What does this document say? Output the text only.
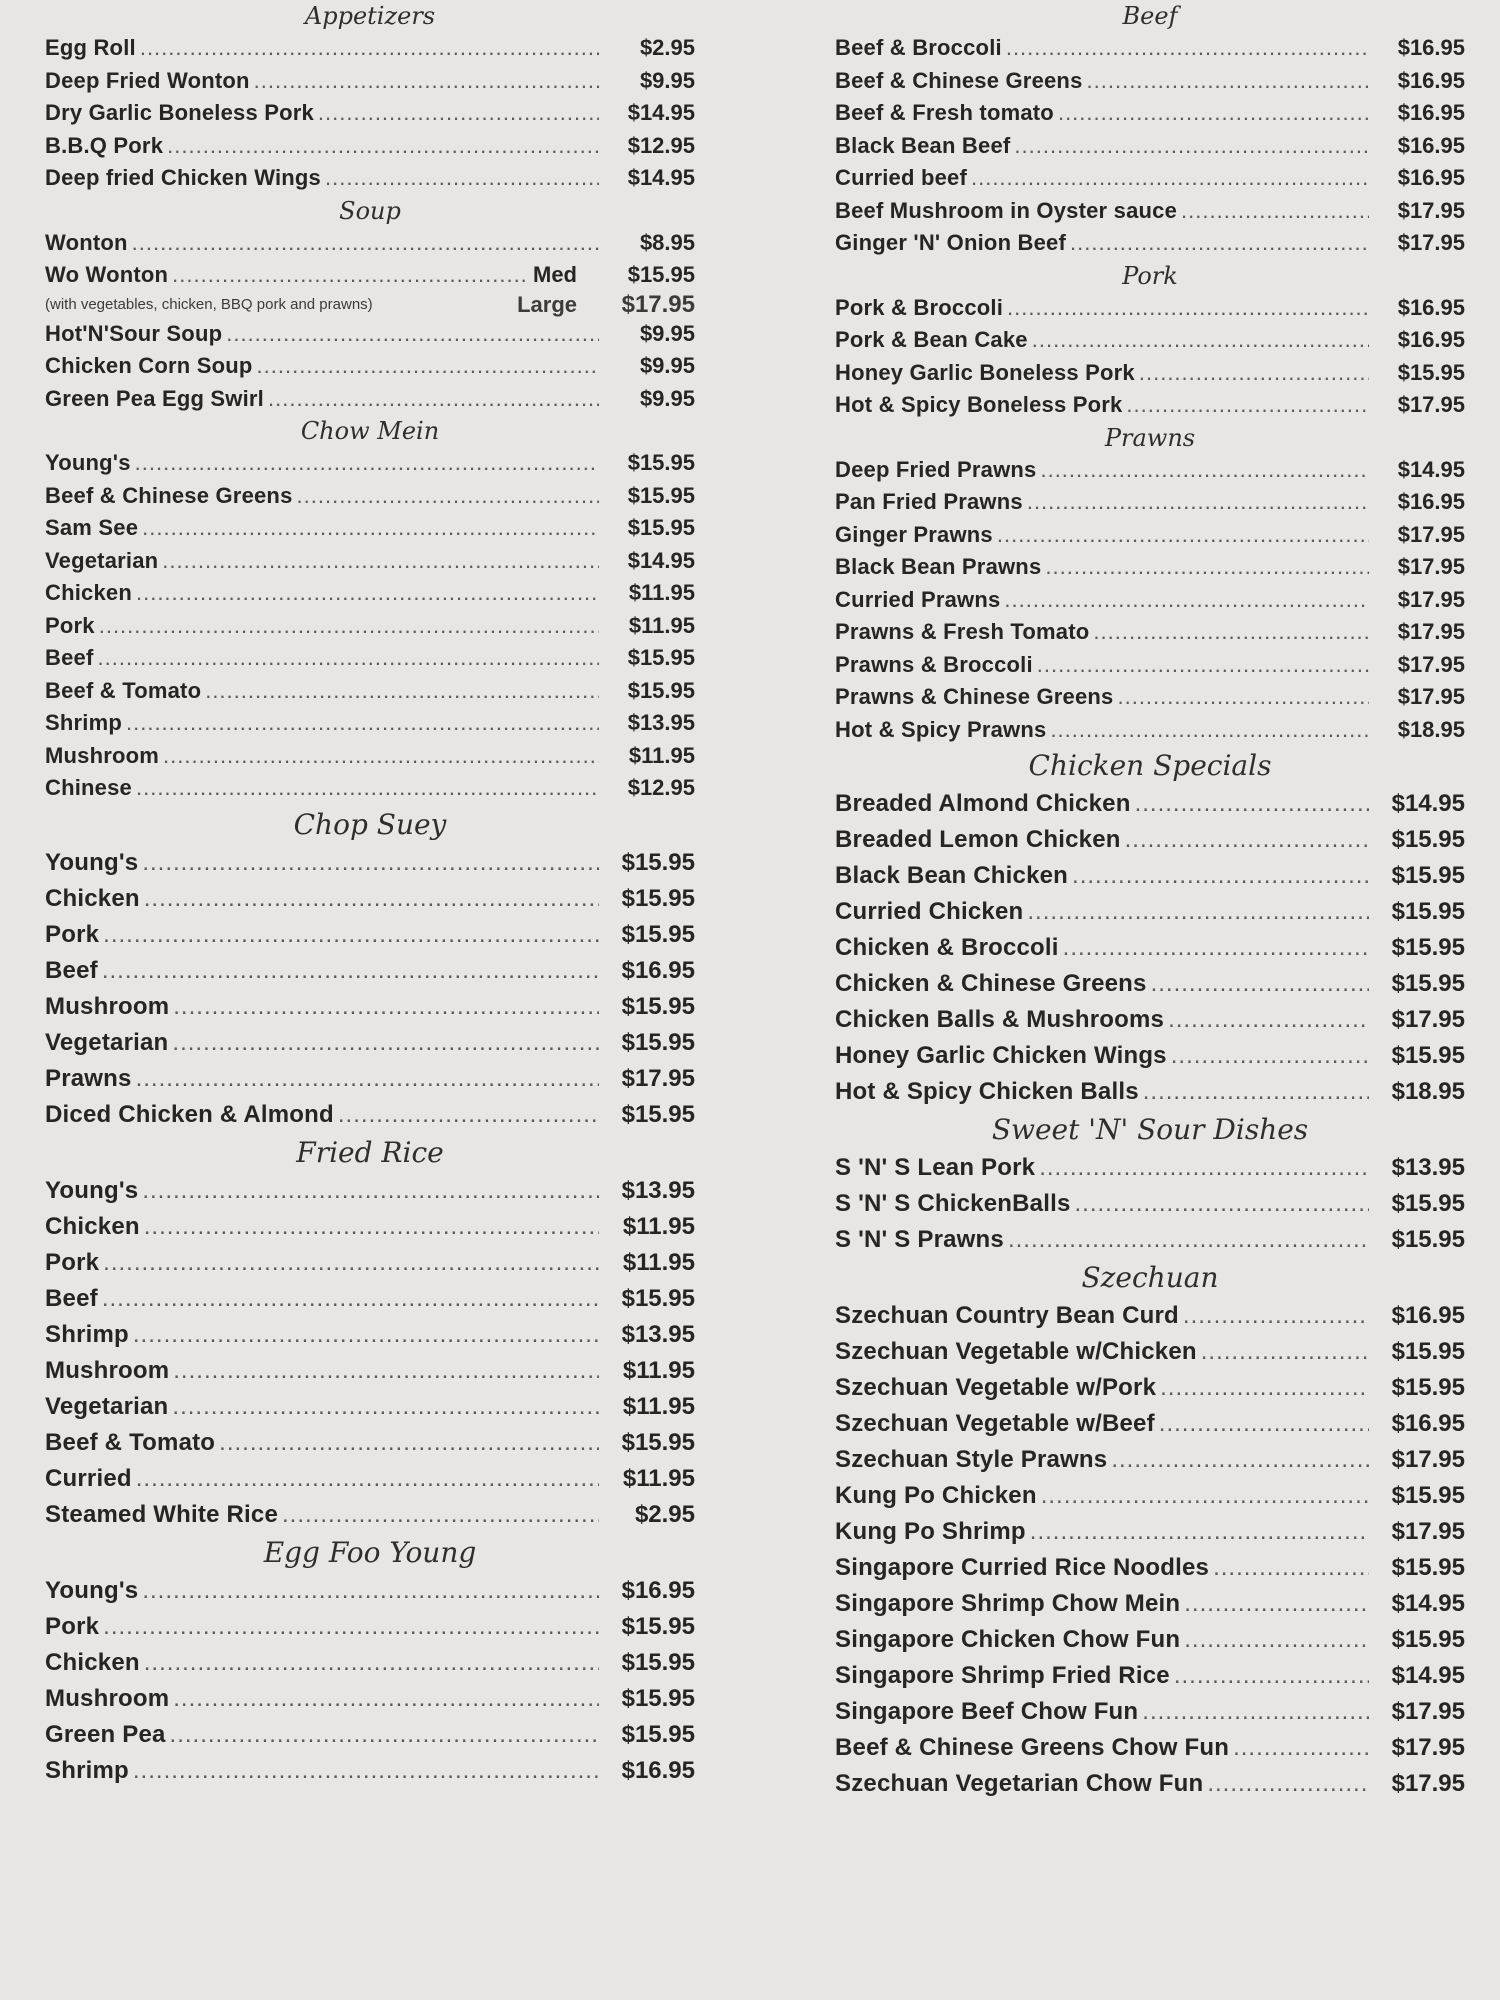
Appetizers
Egg Roll .....	$2.95
Deep Fried Wonton .....	$9.95
Dry Garlic Boneless Pork .....	$14.95
B.B.Q Pork .....	$12.95
Deep fried Chicken Wings .....	$14.95
Soup
Wonton .....	$8.95
Wo Wonton .....	Med	$15.95
(with vegetables, chicken, BBQ pork and prawns)	Large	$17.95
Hot'N'Sour Soup .....	$9.95
Chicken Corn Soup .....	$9.95
Green Pea Egg Swirl .....	$9.95
Chow Mein
Young's .....	$15.95
Beef & Chinese Greens .....	$15.95
Sam See .....	$15.95
Vegetarian .....	$14.95
Chicken .....	$11.95
Pork .....	$11.95
Beef .....	$15.95
Beef & Tomato .....	$15.95
Shrimp .....	$13.95
Mushroom .....	$11.95
Chinese .....	$12.95
Chop Suey
Young's .....	$15.95
Chicken .....	$15.95
Pork .....	$15.95
Beef .....	$16.95
Mushroom .....	$15.95
Vegetarian .....	$15.95
Prawns .....	$17.95
Diced Chicken & Almond .....	$15.95
Fried Rice
Young's .....	$13.95
Chicken .....	$11.95
Pork .....	$11.95
Beef .....	$15.95
Shrimp .....	$13.95
Mushroom .....	$11.95
Vegetarian .....	$11.95
Beef & Tomato .....	$15.95
Curried .....	$11.95
Steamed White Rice .....	$2.95
Egg Foo Young
Young's .....	$16.95
Pork .....	$15.95
Chicken .....	$15.95
Mushroom .....	$15.95
Green Pea .....	$15.95
Shrimp .....	$16.95
Beef
Beef & Broccoli .....	$16.95
Beef & Chinese Greens .....	$16.95
Beef & Fresh tomato .....	$16.95
Black Bean Beef .....	$16.95
Curried beef .....	$16.95
Beef Mushroom in Oyster sauce .....	$17.95
Ginger 'N' Onion Beef .....	$17.95
Pork
Pork & Broccoli .....	$16.95
Pork & Bean Cake .....	$16.95
Honey Garlic Boneless Pork .....	$15.95
Hot & Spicy Boneless Pork .....	$17.95
Prawns
Deep Fried Prawns .....	$14.95
Pan Fried Prawns .....	$16.95
Ginger Prawns .....	$17.95
Black Bean Prawns .....	$17.95
Curried Prawns .....	$17.95
Prawns & Fresh Tomato .....	$17.95
Prawns & Broccoli .....	$17.95
Prawns & Chinese Greens .....	$17.95
Hot & Spicy Prawns .....	$18.95
Chicken Specials
Breaded Almond Chicken .....	$14.95
Breaded Lemon Chicken .....	$15.95
Black Bean Chicken .....	$15.95
Curried Chicken .....	$15.95
Chicken & Broccoli .....	$15.95
Chicken & Chinese Greens .....	$15.95
Chicken Balls & Mushrooms .....	$17.95
Honey Garlic Chicken Wings .....	$15.95
Hot & Spicy Chicken Balls .....	$18.95
Sweet 'N' Sour Dishes
S 'N' S Lean Pork .....	$13.95
S 'N' S ChickenBalls .....	$15.95
S 'N' S Prawns .....	$15.95
Szechuan
Szechuan Country Bean Curd .....	$16.95
Szechuan Vegetable w/Chicken .....	$15.95
Szechuan Vegetable w/Pork .....	$15.95
Szechuan Vegetable w/Beef .....	$16.95
Szechuan Style Prawns .....	$17.95
Kung Po Chicken .....	$15.95
Kung Po Shrimp .....	$17.95
Singapore Curried Rice Noodles .....	$15.95
Singapore Shrimp Chow Mein .....	$14.95
Singapore Chicken Chow Fun .....	$15.95
Singapore Shrimp Fried Rice .....	$14.95
Singapore Beef Chow Fun .....	$17.95
Beef & Chinese Greens Chow Fun .....	$17.95
Szechuan Vegetarian Chow Fun .....	$17.95
